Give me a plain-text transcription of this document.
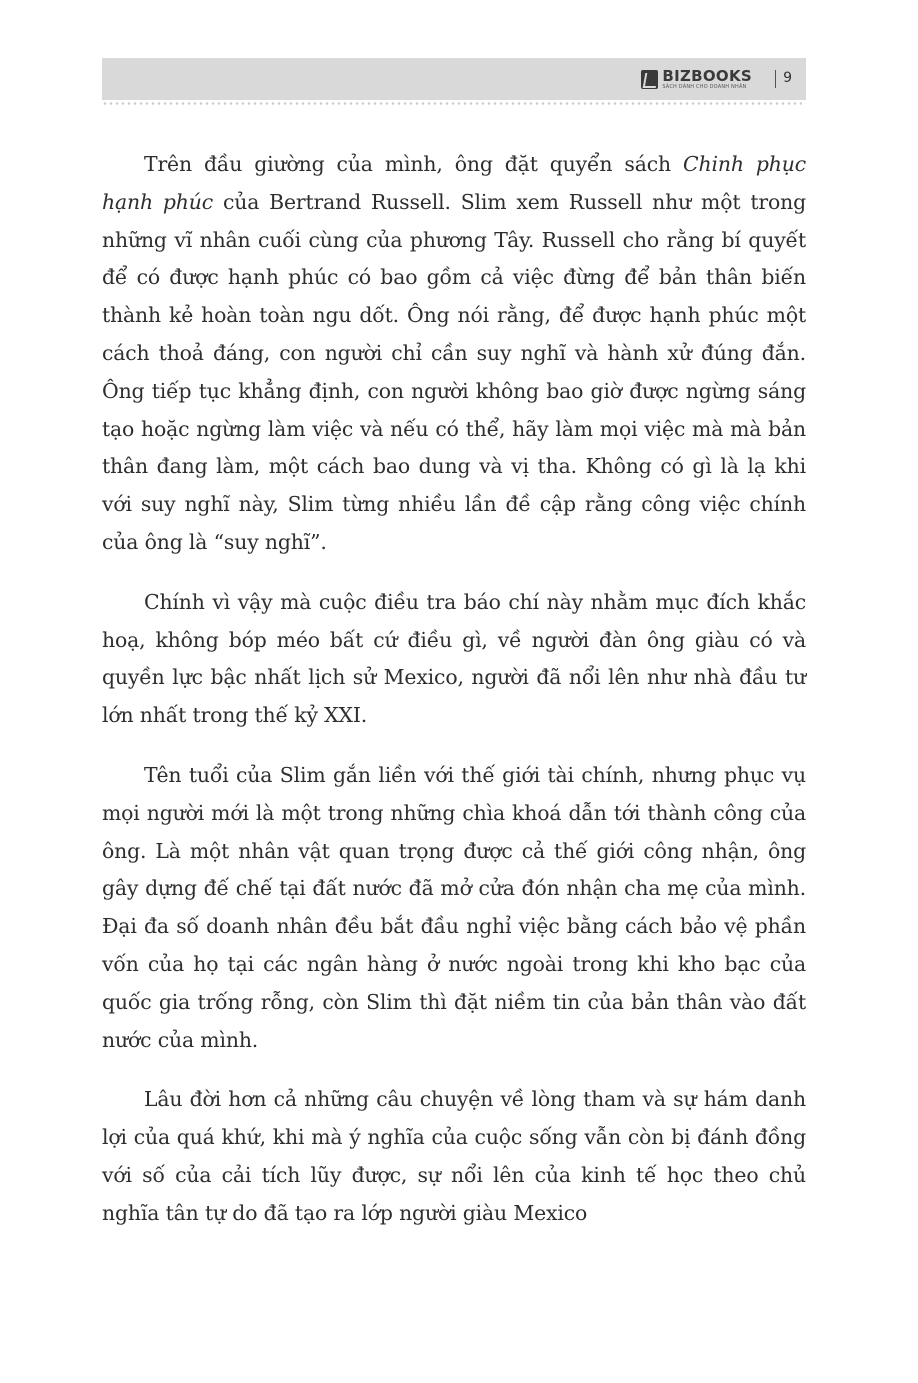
BIZBOOKS
SÁCH DÀNH CHO DOANH NHÂN
9

Trên đầu giường của mình, ông đặt quyển sách Chinh phục hạnh phúc của Bertrand Russell. Slim xem Russell như một trong những vĩ nhân cuối cùng của phương Tây. Russell cho rằng bí quyết để có được hạnh phúc có bao gồm cả việc đừng để bản thân biến thành kẻ hoàn toàn ngu dốt. Ông nói rằng, để được hạnh phúc một cách thoả đáng, con người chỉ cần suy nghĩ và hành xử đúng đắn. Ông tiếp tục khẳng định, con người không bao giờ được ngừng sáng tạo hoặc ngừng làm việc và nếu có thể, hãy làm mọi việc mà mà bản thân đang làm, một cách bao dung và vị tha. Không có gì là lạ khi với suy nghĩ này, Slim từng nhiều lần đề cập rằng công việc chính của ông là “suy nghĩ”.

Chính vì vậy mà cuộc điều tra báo chí này nhằm mục đích khắc hoạ, không bóp méo bất cứ điều gì, về người đàn ông giàu có và quyền lực bậc nhất lịch sử Mexico, người đã nổi lên như nhà đầu tư lớn nhất trong thế kỷ XXI.

Tên tuổi của Slim gắn liền với thế giới tài chính, nhưng phục vụ mọi người mới là một trong những chìa khoá dẫn tới thành công của ông. Là một nhân vật quan trọng được cả thế giới công nhận, ông gây dựng đế chế tại đất nước đã mở cửa đón nhận cha mẹ của mình. Đại đa số doanh nhân đều bắt đầu nghỉ việc bằng cách bảo vệ phần vốn của họ tại các ngân hàng ở nước ngoài trong khi kho bạc của quốc gia trống rỗng, còn Slim thì đặt niềm tin của bản thân vào đất nước của mình.

Lâu đời hơn cả những câu chuyện về lòng tham và sự hám danh lợi của quá khứ, khi mà ý nghĩa của cuộc sống vẫn còn bị đánh đồng với số của cải tích lũy được, sự nổi lên của kinh tế học theo chủ nghĩa tân tự do đã tạo ra lớp người giàu Mexico
